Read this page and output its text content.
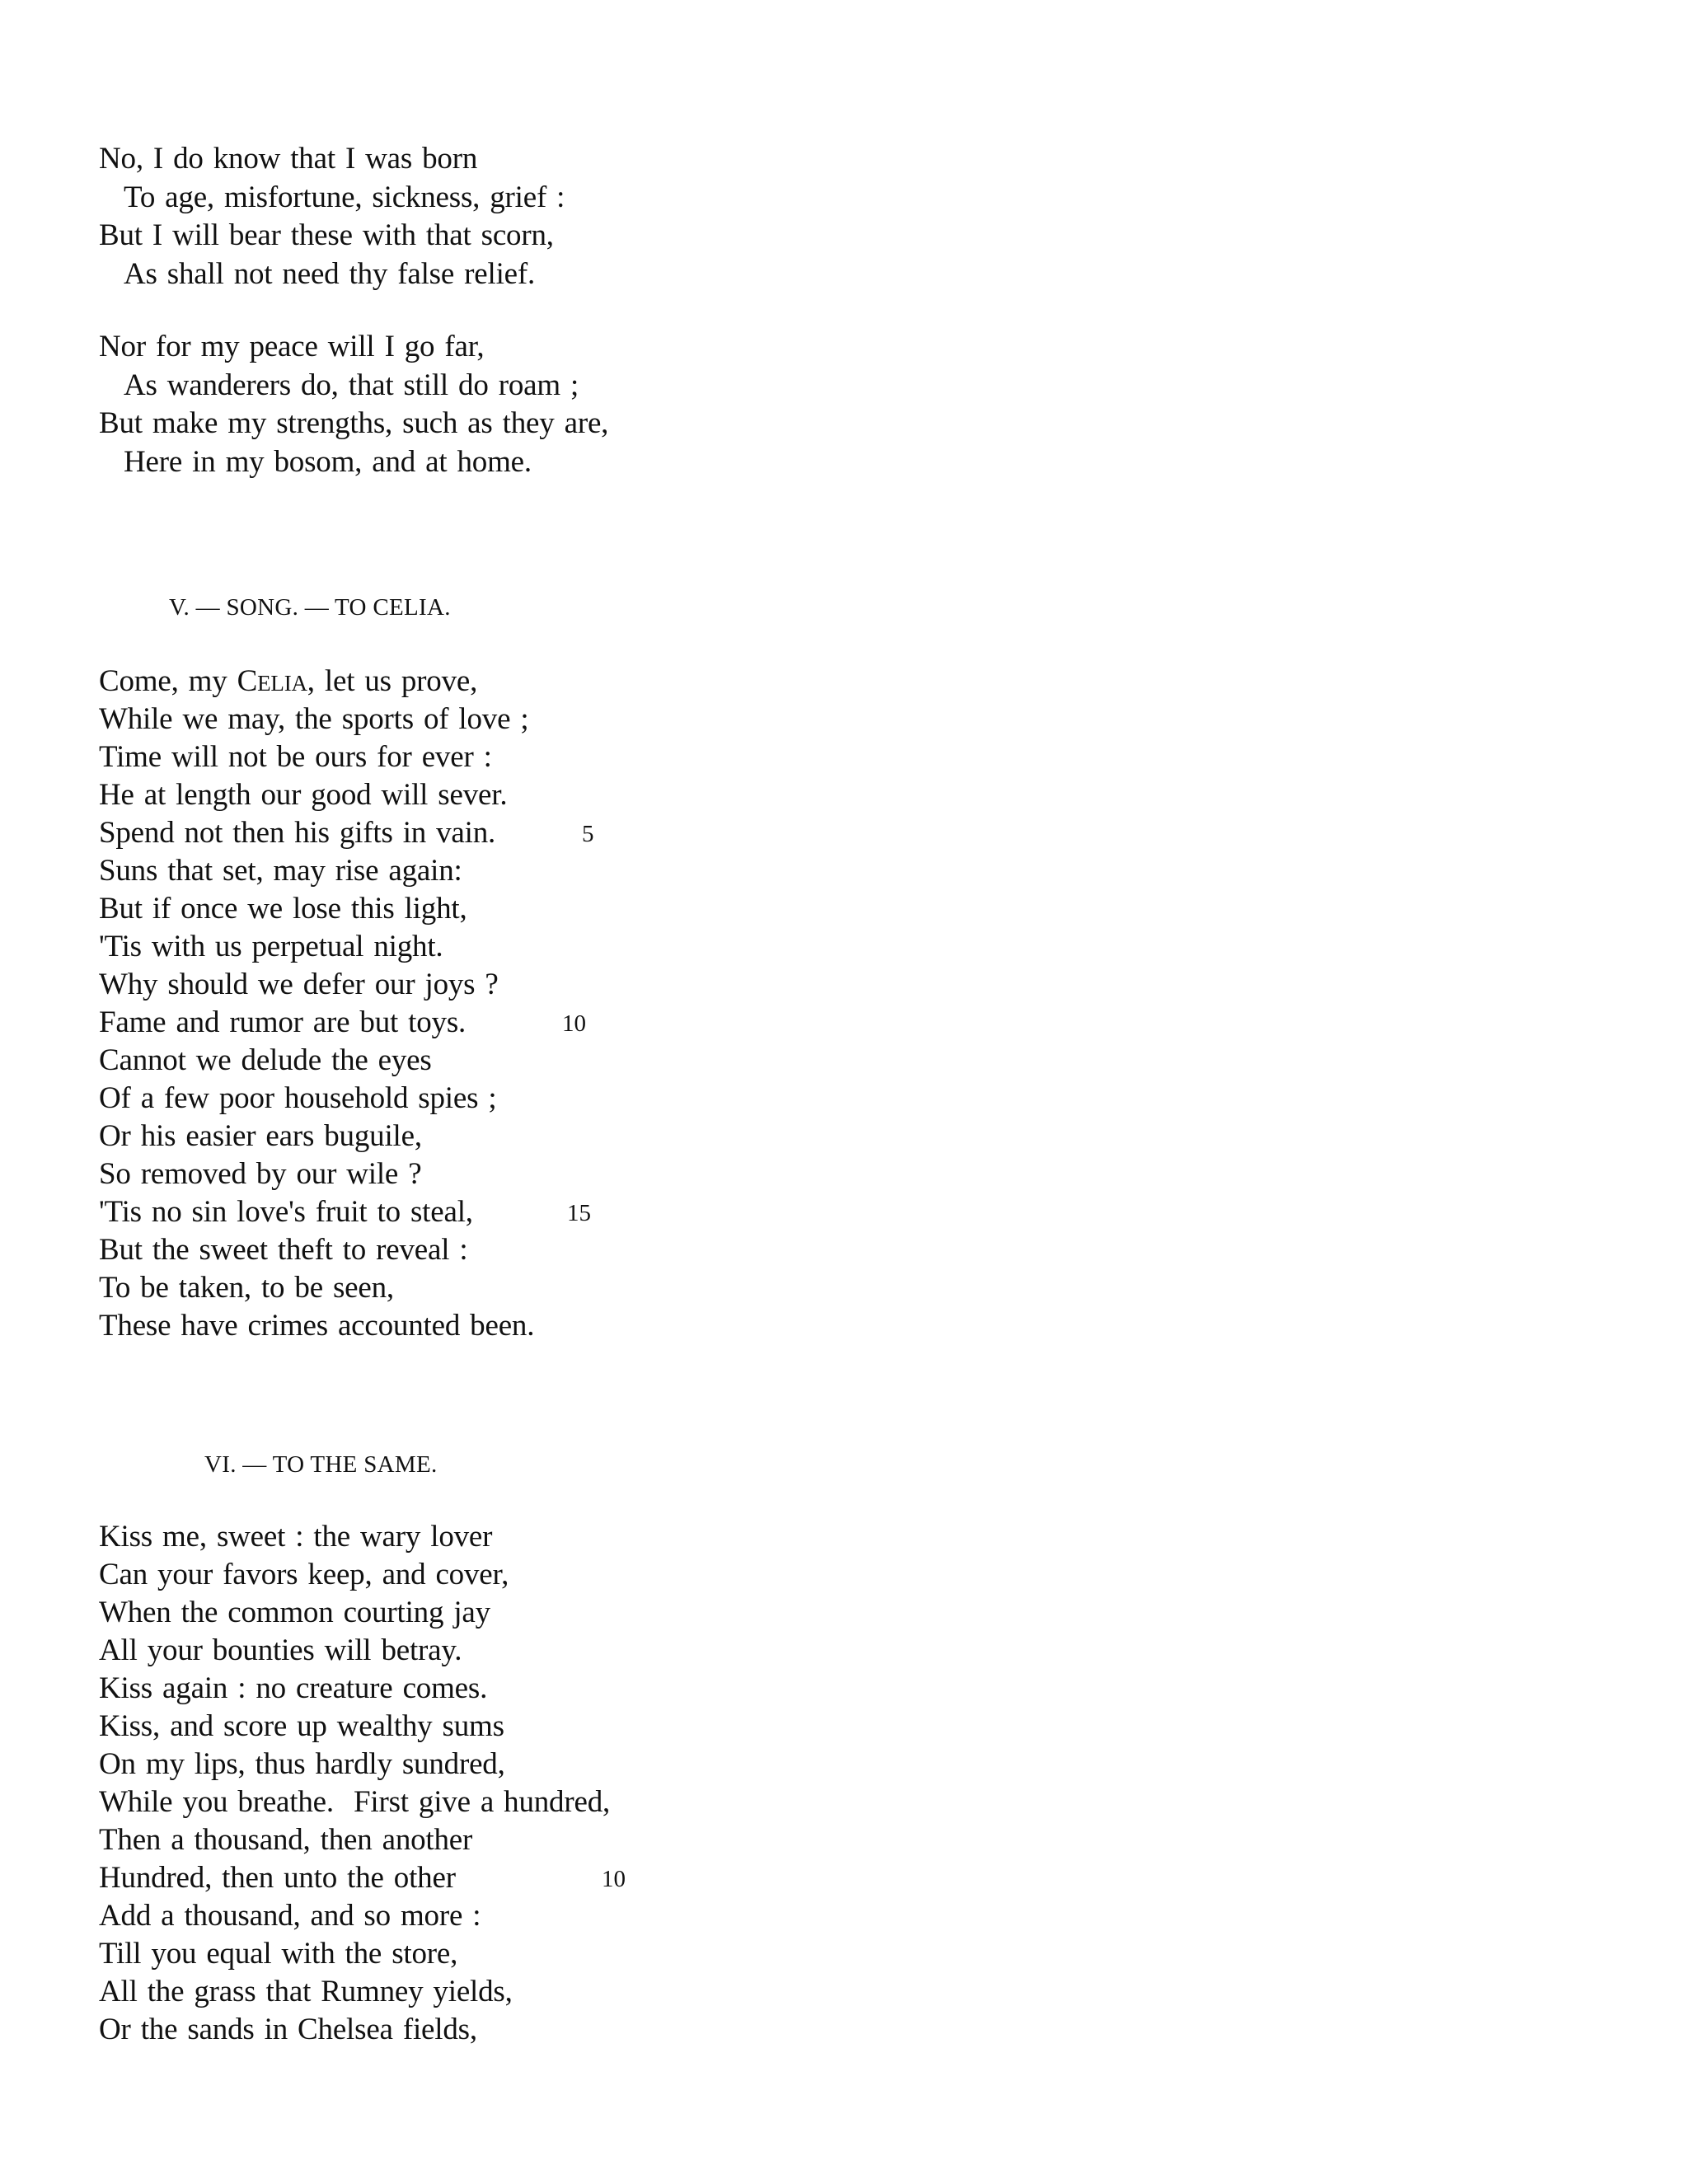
No, I do know that I was born
To age, misfortune, sickness, grief :
But I will bear these with that scorn,
As shall not need thy false relief.
Nor for my peace will I go far,
As wanderers do, that still do roam ;
But make my strengths, such as they are,
Here in my bosom, and at home.
V. — SONG. — TO CELIA.
Come, my CELIA, let us prove,
While we may, the sports of love ;
Time will not be ours for ever :
He at length our good will sever.
Spend not then his gifts in vain.	5
Suns that set, may rise again:
But if once we lose this light,
'Tis with us perpetual night.
Why should we defer our joys ?
Fame and rumor are but toys.	10
Cannot we delude the eyes
Of a few poor household spies ;
Or his easier ears buguile,
So removed by our wile ?
'Tis no sin love's fruit to steal,	15
But the sweet theft to reveal :
To be taken, to be seen,
These have crimes accounted been.
VI. — TO THE SAME.
Kiss me, sweet : the wary lover
Can your favors keep, and cover,
When the common courting jay
All your bounties will betray.
Kiss again : no creature comes.
Kiss, and score up wealthy sums
On my lips, thus hardly sundred,
While you breathe.  First give a hundred,
Then a thousand, then another
Hundred, then unto the other	10
Add a thousand, and so more :
Till you equal with the store,
All the grass that Rumney yields,
Or the sands in Chelsea fields,
